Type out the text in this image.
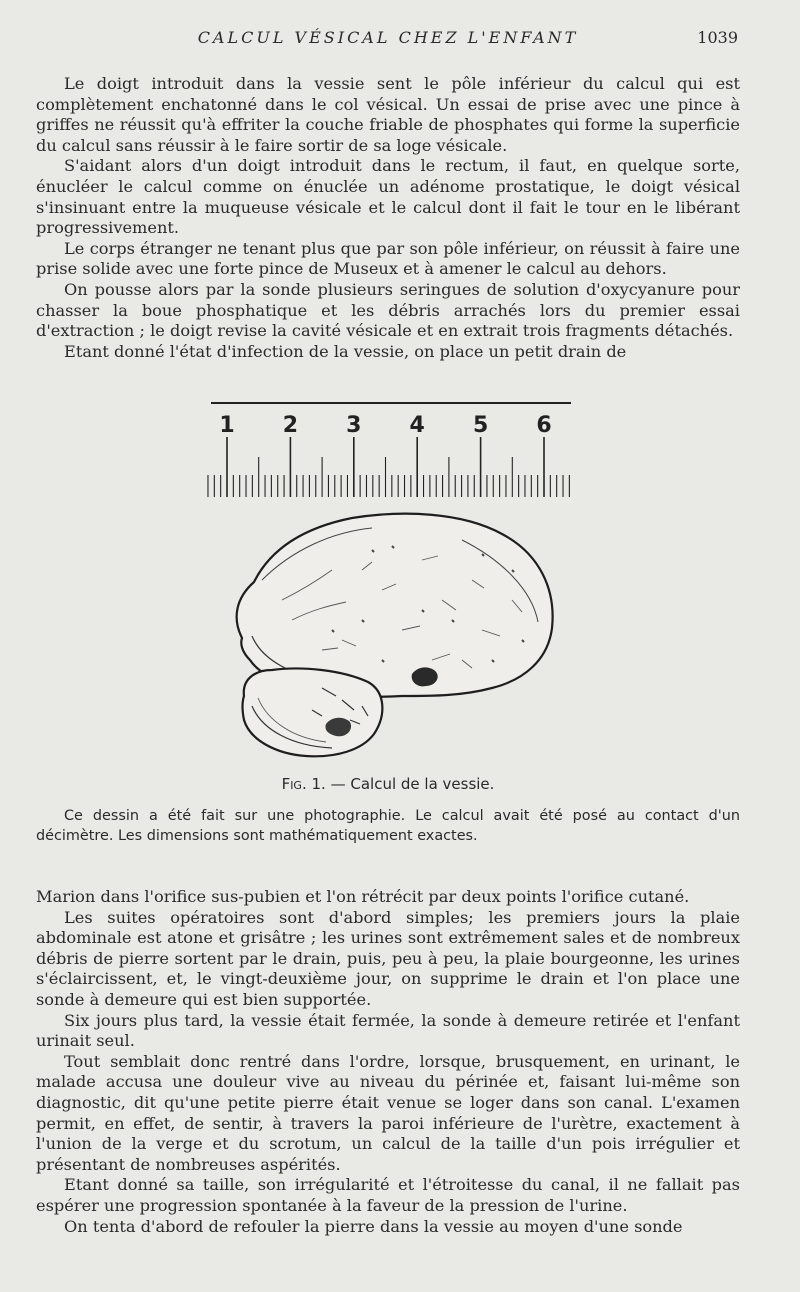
CALCUL VÉSICAL CHEZ L'ENFANT	1039

Le doigt introduit dans la vessie sent le pôle inférieur du calcul qui est complètement enchatonné dans le col vésical. Un essai de prise avec une pince à griffes ne réussit qu'à effriter la couche friable de phosphates qui forme la superficie du calcul sans réussir à le faire sortir de sa loge vésicale.

S'aidant alors d'un doigt introduit dans le rectum, il faut, en quelque sorte, énucléer le calcul comme on énuclée un adénome prostatique, le doigt vésical s'insinuant entre la muqueuse vésicale et le calcul dont il fait le tour en le libérant progressivement.

Le corps étranger ne tenant plus que par son pôle inférieur, on réussit à faire une prise solide avec une forte pince de Museux et à amener le calcul au dehors.

On pousse alors par la sonde plusieurs seringues de solution d'oxycyanure pour chasser la boue phosphatique et les débris arrachés lors du premier essai d'extraction ; le doigt revise la cavité vésicale et en extrait trois fragments détachés.

Etant donné l'état d'infection de la vessie, on place un petit drain de

1 2 3 4 5 6
Fig. 1. — Calcul de la vessie.

Ce dessin a été fait sur une photographie. Le calcul avait été posé au contact d'un décimètre. Les dimensions sont mathématiquement exactes.

Marion dans l'orifice sus-pubien et l'on rétrécit par deux points l'orifice cutané.

Les suites opératoires sont d'abord simples; les premiers jours la plaie abdominale est atone et grisâtre ; les urines sont extrêmement sales et de nombreux débris de pierre sortent par le drain, puis, peu à peu, la plaie bourgeonne, les urines s'éclaircissent, et, le vingt-deuxième jour, on supprime le drain et l'on place une sonde à demeure qui est bien supportée.

Six jours plus tard, la vessie était fermée, la sonde à demeure retirée et l'enfant urinait seul.

Tout semblait donc rentré dans l'ordre, lorsque, brusquement, en urinant, le malade accusa une douleur vive au niveau du périnée et, faisant lui-même son diagnostic, dit qu'une petite pierre était venue se loger dans son canal. L'examen permit, en effet, de sentir, à travers la paroi inférieure de l'urètre, exactement à l'union de la verge et du scrotum, un calcul de la taille d'un pois irrégulier et présentant de nombreuses aspérités.

Etant donné sa taille, son irrégularité et l'étroitesse du canal, il ne fallait pas espérer une progression spontanée à la faveur de la pression de l'urine.

On tenta d'abord de refouler la pierre dans la vessie au moyen d'une sonde
